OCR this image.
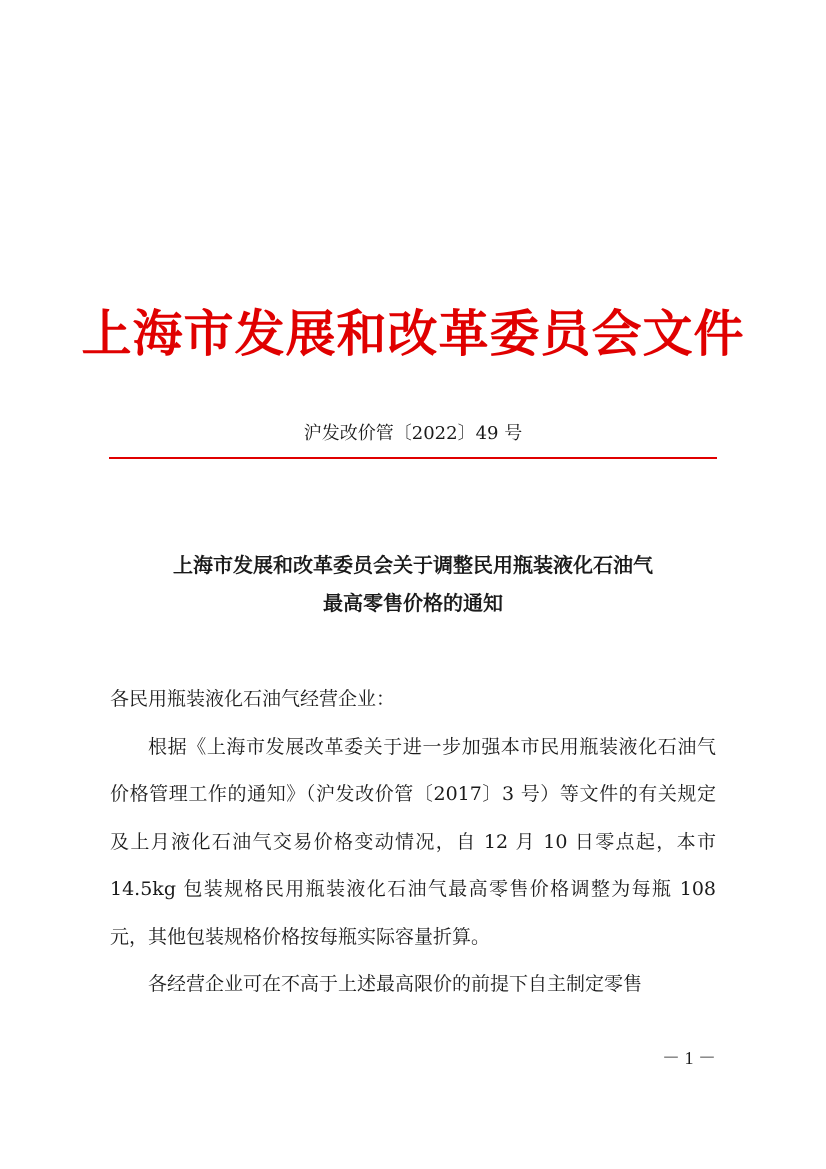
上海市发展和改革委员会文件
沪发改价管〔2022〕49 号
上海市发展和改革委员会关于调整民用瓶装液化石油气
最高零售价格的通知

各民用瓶装液化石油气经营企业：

根据《上海市发展改革委关于进一步加强本市民用瓶装液化石油气价格管理工作的通知》（沪发改价管〔2017〕3 号）等文件的有关规定及上月液化石油气交易价格变动情况，自 12 月 10 日零点起，本市 14.5kg 包装规格民用瓶装液化石油气最高零售价格调整为每瓶 108 元，其他包装规格价格按每瓶实际容量折算。

各经营企业可在不高于上述最高限价的前提下自主制定零售

－ 1 －
